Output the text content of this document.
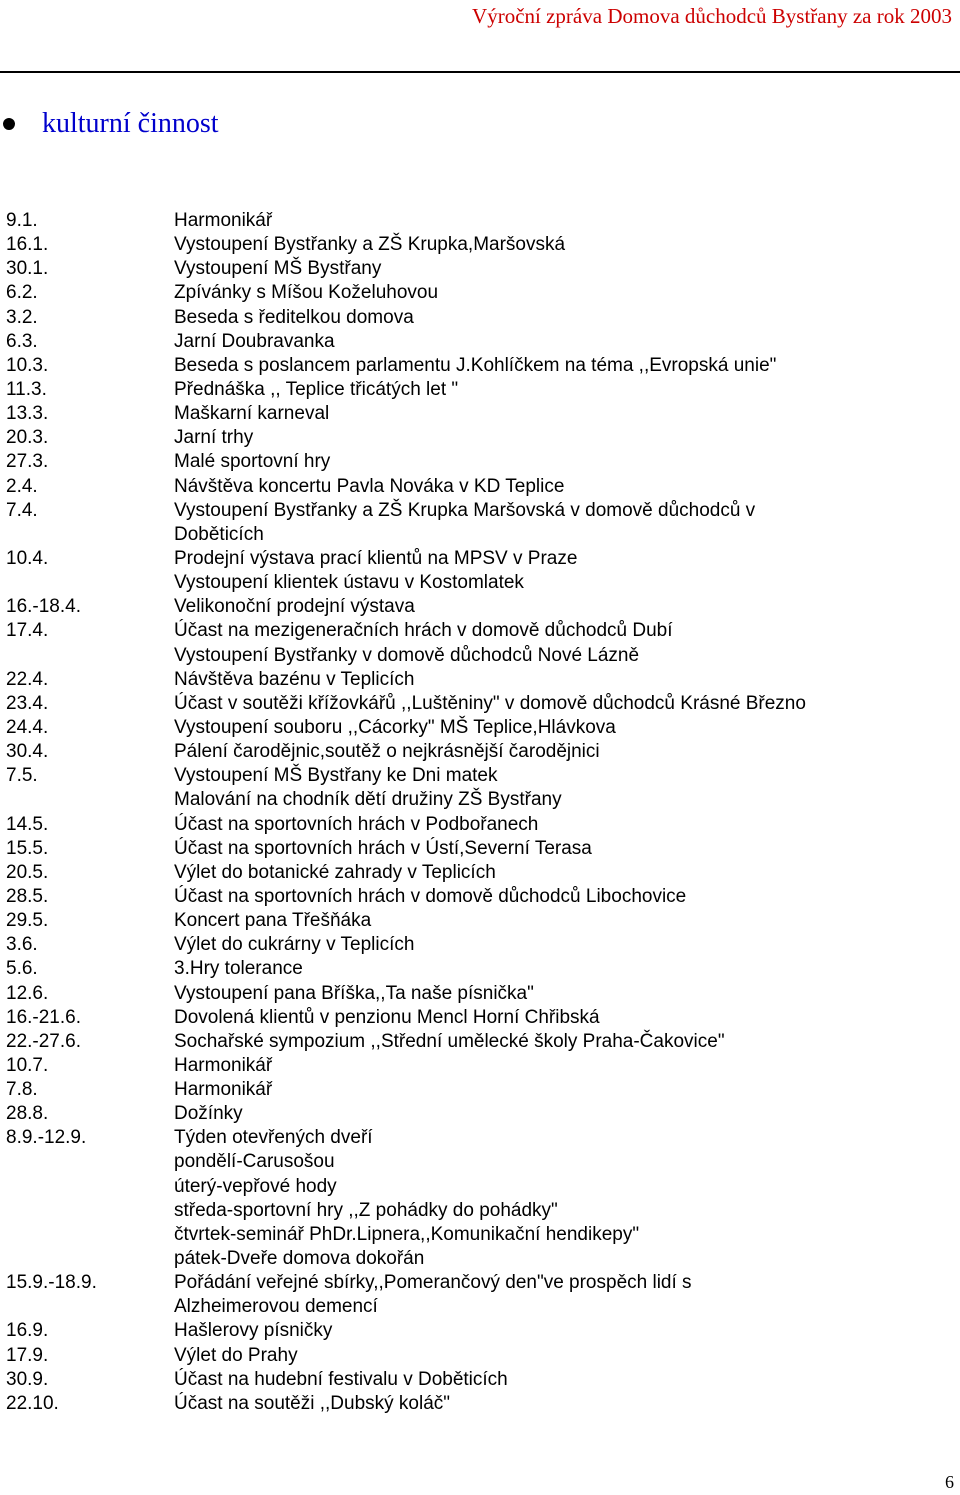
Výroční zpráva Domova důchodců Bystřany za rok 2003
kulturní činnost
9.1.	Harmonikář
16.1.	Vystoupení Bystřanky a ZŠ Krupka,Maršovská
30.1.	Vystoupení MŠ Bystřany
6.2.	Zpívánky s Míšou Koželuhovou
3.2.	Beseda s ředitelkou domova
6.3.	Jarní Doubravanka
10.3.	Beseda s poslancem parlamentu J.Kohlíčkem na téma ,,Evropská unie"
11.3.	Přednáška ,, Teplice třicátých let "
13.3.	Maškarní karneval
20.3.	Jarní trhy
27.3.	Malé sportovní hry
2.4.	Návštěva koncertu Pavla Nováka v KD Teplice
7.4.	Vystoupení Bystřanky a ZŠ Krupka Maršovská v domově důchodců v
Doběticích
10.4.	Prodejní výstava prací klientů na MPSV v Praze
Vystoupení klientek ústavu v Kostomlatek
16.-18.4.	Velikonoční prodejní výstava
17.4.	Účast na mezigeneračních hrách v domově důchodců Dubí
Vystoupení Bystřanky v domově důchodců Nové Lázně
22.4.	Návštěva bazénu v Teplicích
23.4.	Účast v soutěži křížovkářů ,,Luštěniny" v domově důchodců Krásné Březno
24.4.	Vystoupení souboru ,,Cácorky" MŠ Teplice,Hlávkova
30.4.	Pálení čarodějnic,soutěž o nejkrásnější čarodějnici
7.5.	Vystoupení MŠ Bystřany ke Dni matek
Malování na chodník dětí družiny ZŠ Bystřany
14.5.	Účast na sportovních hrách v Podbořanech
15.5.	Účast na sportovních hrách v Ústí,Severní Terasa
20.5.	Výlet do botanické zahrady v Teplicích
28.5.	Účast na sportovních hrách v domově důchodců Libochovice
29.5.	Koncert pana Třešňáka
3.6.	Výlet do cukrárny v Teplicích
5.6.	3.Hry tolerance
12.6.	Vystoupení pana Bříška,,Ta naše písnička"
16.-21.6.	Dovolená klientů v penzionu Mencl Horní Chřibská
22.-27.6.	Sochařské sympozium ,,Střední umělecké školy Praha-Čakovice"
10.7.	Harmonikář
7.8.	Harmonikář
28.8.	Dožínky
8.9.-12.9.	Týden otevřených dveří
pondělí-Carusošou
úterý-vepřové hody
středa-sportovní hry ,,Z pohádky do pohádky"
čtvrtek-seminář PhDr.Lipnera,,Komunikační hendikepy"
pátek-Dveře domova dokořán
15.9.-18.9.	Pořádání veřejné sbírky,,Pomerančový den"ve prospěch lidí s
Alzheimerovou demencí
16.9.	Hašlerovy písničky
17.9.	Výlet do Prahy
30.9.	Účast na hudební festivalu v Doběticích
22.10.	Účast na soutěži ,,Dubský koláč"
6
